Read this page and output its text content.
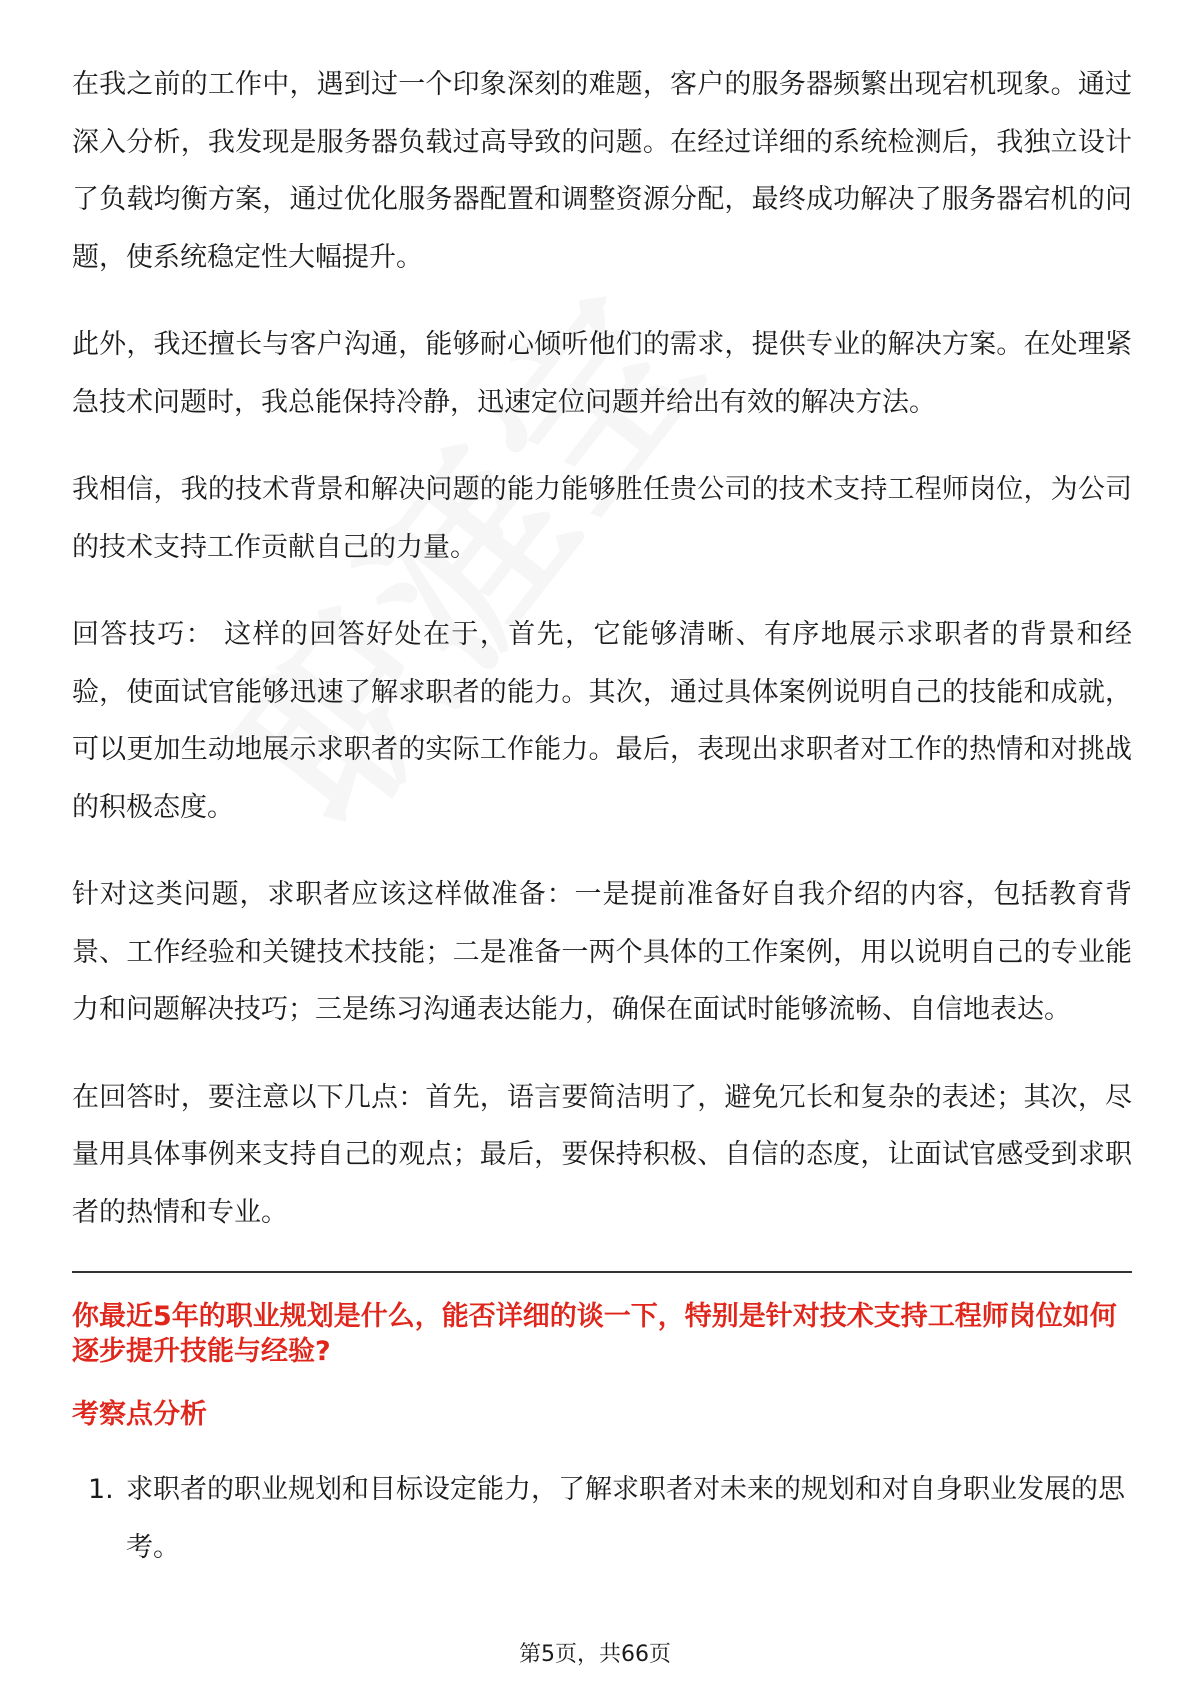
在我之前的工作中，遇到过一个印象深刻的难题，客户的服务器频繁出现宕机现象。通过深入分析，我发现是服务器负载过高导致的问题。在经过详细的系统检测后，我独立设计了负载均衡方案，通过优化服务器配置和调整资源分配，最终成功解决了服务器宕机的问题，使系统稳定性大幅提升。

此外，我还擅长与客户沟通，能够耐心倾听他们的需求，提供专业的解决方案。在处理紧急技术问题时，我总能保持冷静，迅速定位问题并给出有效的解决方法。

我相信，我的技术背景和解决问题的能力能够胜任贵公司的技术支持工程师岗位，为公司的技术支持工作贡献自己的力量。

回答技巧： 这样的回答好处在于，首先，它能够清晰、有序地展示求职者的背景和经验，使面试官能够迅速了解求职者的能力。其次，通过具体案例说明自己的技能和成就，可以更加生动地展示求职者的实际工作能力。最后，表现出求职者对工作的热情和对挑战的积极态度。

针对这类问题，求职者应该这样做准备：一是提前准备好自我介绍的内容，包括教育背景、工作经验和关键技术技能；二是准备一两个具体的工作案例，用以说明自己的专业能力和问题解决技巧；三是练习沟通表达能力，确保在面试时能够流畅、自信地表达。

在回答时，要注意以下几点：首先，语言要简洁明了，避免冗长和复杂的表述；其次，尽量用具体事例来支持自己的观点；最后，要保持积极、自信的态度，让面试官感受到求职者的热情和专业。

你最近5年的职业规划是什么，能否详细的谈一下，特别是针对技术支持工程师岗位如何逐步提升技能与经验?
考察点分析
1. 求职者的职业规划和目标设定能力，了解求职者对未来的规划和对自身职业发展的思考。
第5页，共66页
